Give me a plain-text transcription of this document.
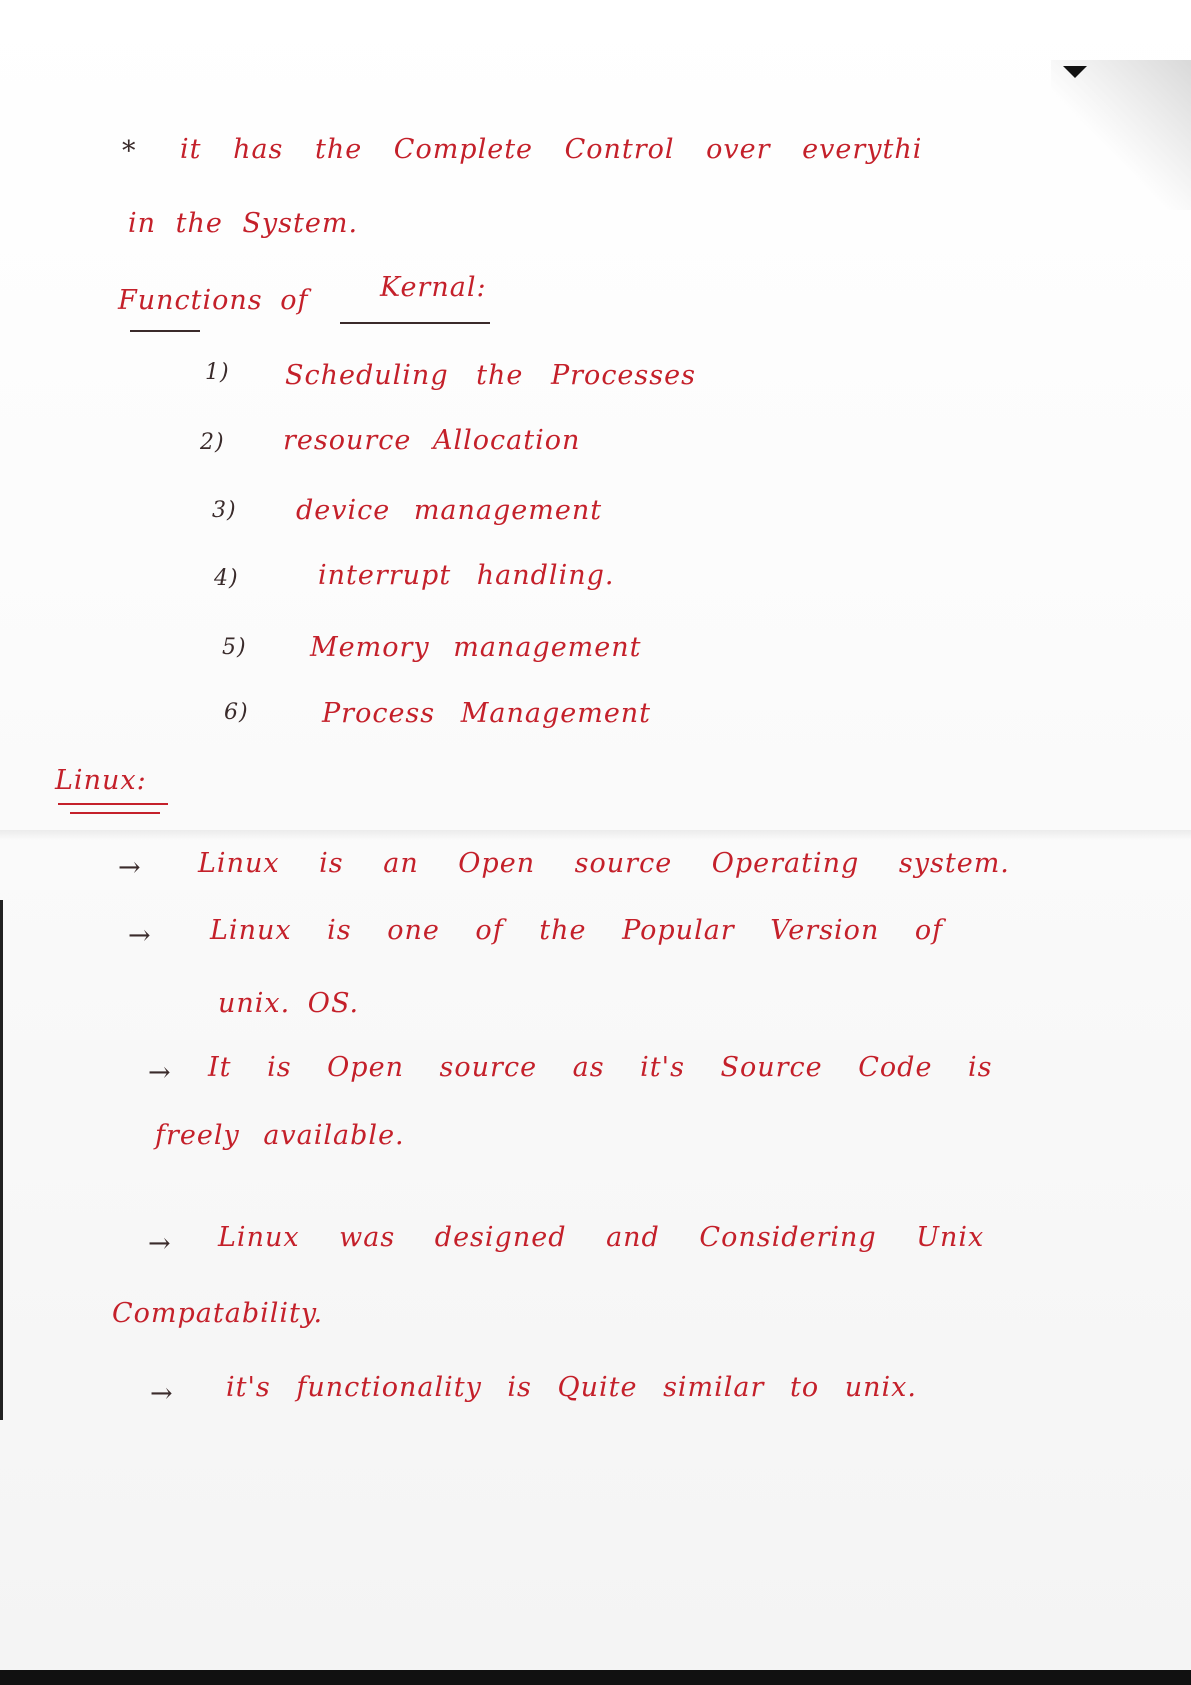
* it has the Complete Control over everythi
in the System.
Functions of	Kernal:
1) Scheduling the Processes
2) resource Allocation
3) device management
4)	interrupt handling.
5) Memory management
6)	Process Management
Linux:
→ Linux is an Open source Operating system.
→ Linux is one of the Popular Version of
unix. OS.
→ It is Open source as it's Source Code is
freely available.
→ Linux was designed and Considering Unix
Compatability.
→ it's functionality is Quite similar to unix.
